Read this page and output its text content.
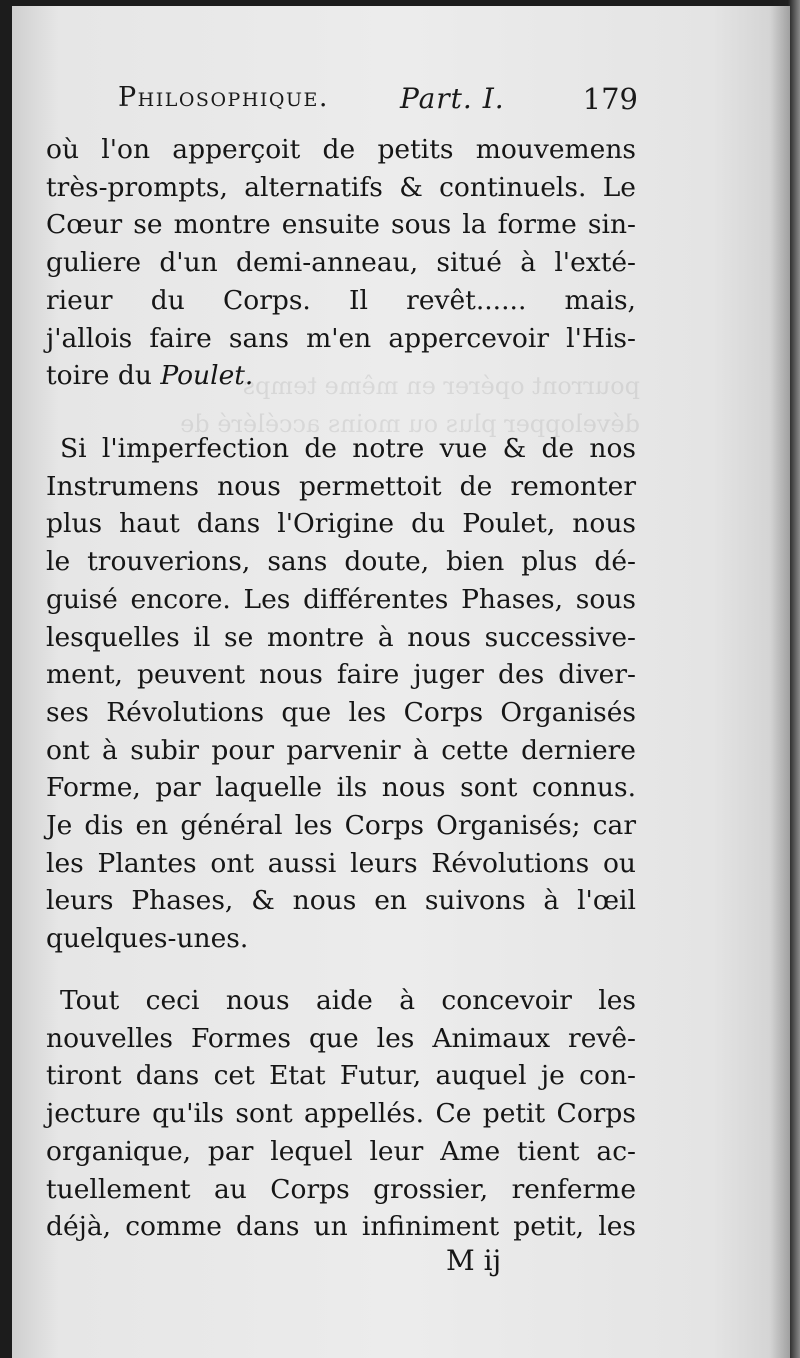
pourront opérer en même temps
développer plus ou moins accéléré de
Philosophique.	Part. I.	179
où l'on apperçoit de petits mouvemens
très-prompts, alternatifs & continuels. Le
Cœur se montre ensuite sous la forme sin-
guliere d'un demi-anneau, situé à l'exté-
rieur du Corps. Il revêt...... mais,
j'allois faire sans m'en appercevoir l'His-
toire du Poulet.
Si l'imperfection de notre vue & de nos
Instrumens nous permettoit de remonter
plus haut dans l'Origine du Poulet, nous
le trouverions, sans doute, bien plus dé-
guisé encore. Les différentes Phases, sous
lesquelles il se montre à nous successive-
ment, peuvent nous faire juger des diver-
ses Révolutions que les Corps Organisés
ont à subir pour parvenir à cette derniere
Forme, par laquelle ils nous sont connus.
Je dis en général les Corps Organisés; car
les Plantes ont aussi leurs Révolutions ou
leurs Phases, & nous en suivons à l'œil
quelques-unes.
Tout ceci nous aide à concevoir les
nouvelles Formes que les Animaux revê-
tiront dans cet Etat Futur, auquel je con-
jecture qu'ils sont appellés. Ce petit Corps
organique, par lequel leur Ame tient ac-
tuellement au Corps grossier, renferme
déjà, comme dans un infiniment petit, les
M ij
